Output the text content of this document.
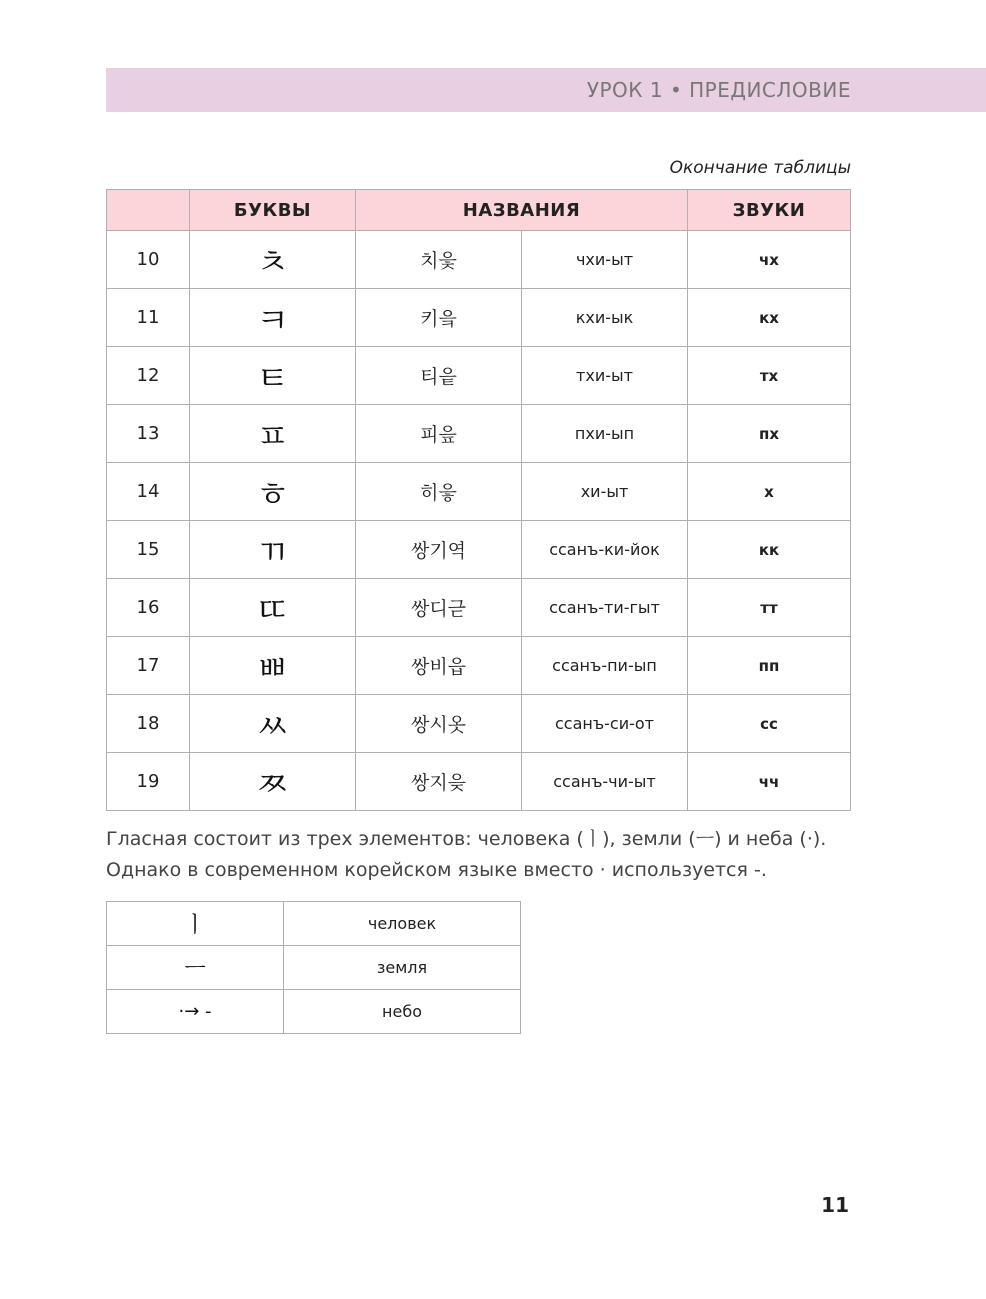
УРОК 1 • ПРЕДИСЛОВИЕ
Окончание таблицы
	БУКВЫ	НАЗВАНИЯ		ЗВУКИ
10	ㅊ	치읓	чхи-ыт	чх
11	ㅋ	키읔	кхи-ык	кх
12	ㅌ	티읕	тхи-ыт	тх
13	ㅍ	피읖	пхи-ып	пх
14	ㅎ	히읗	хи-ыт	х
15	ㄲ	쌍기역	ссанъ-ки-йок	кк
16	ㄸ	쌍디귿	ссанъ-ти-гыт	тт
17	ㅃ	쌍비읍	ссанъ-пи-ып	пп
18	ㅆ	쌍시옷	ссанъ-си-от	сс
19	ㅉ	쌍지읒	ссанъ-чи-ыт	чч
Гласная состоит из трех элементов: человека (ㅣ), земли (ㅡ) и неба (·).
Однако в современном корейском языке вместо · используется -.
ㅣ	человек
ㅡ	земля
·→ -	небо
11
